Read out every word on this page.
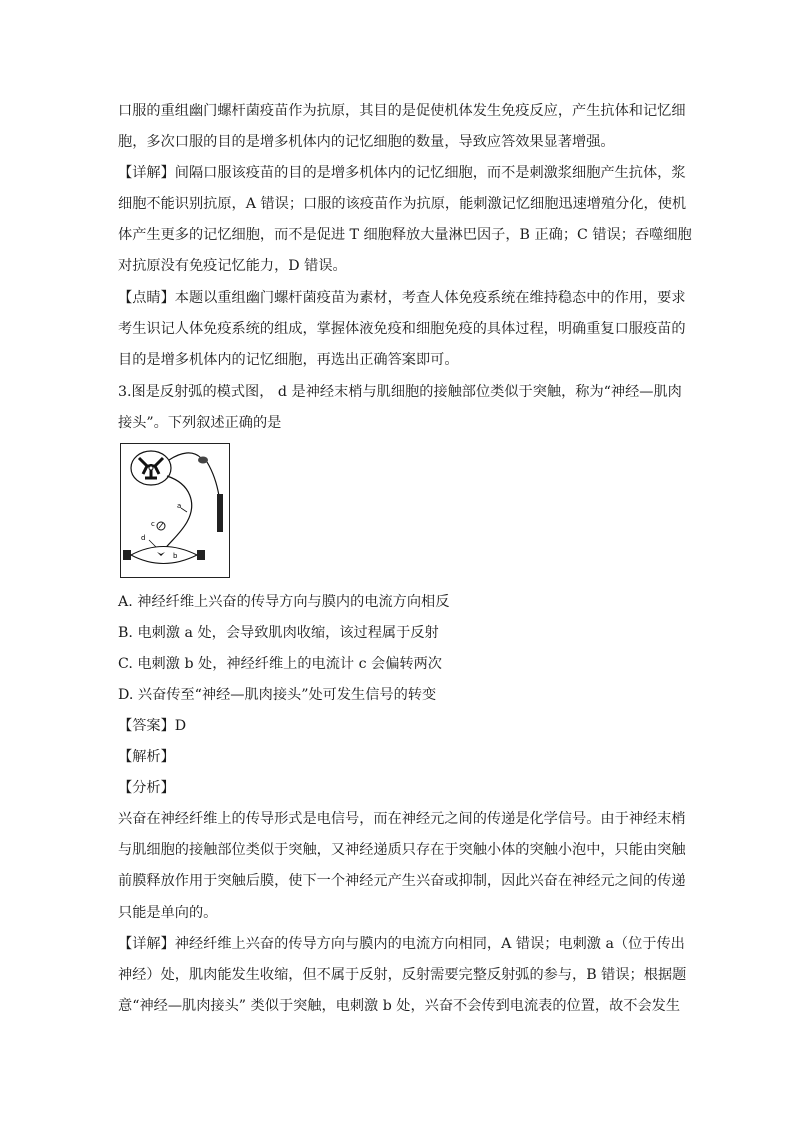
口服的重组幽门螺杆菌疫苗作为抗原，其目的是促使机体发生免疫反应，产生抗体和记忆细
胞，多次口服的目的是增多机体内的记忆细胞的数量，导致应答效果显著增强。
【详解】间隔口服该疫苗的目的是增多机体内的记忆细胞，而不是刺激浆细胞产生抗体，浆
细胞不能识别抗原，A 错误；口服的该疫苗作为抗原，能刺激记忆细胞迅速增殖分化，使机
体产生更多的记忆细胞，而不是促进 T 细胞释放大量淋巴因子，B 正确；C 错误；吞噬细胞
对抗原没有免疫记忆能力，D 错误。
【点睛】本题以重组幽门螺杆菌疫苗为素材，考查人体免疫系统在维持稳态中的作用，要求
考生识记人体免疫系统的组成，掌握体液免疫和细胞免疫的具体过程，明确重复口服疫苗的
目的是增多机体内的记忆细胞，再选出正确答案即可。
3.图是反射弧的模式图， d 是神经末梢与肌细胞的接触部位类似于突触，称为“神经—肌肉
接头”。下列叙述正确的是
a
c
d
b
A. 神经纤维上兴奋的传导方向与膜内的电流方向相反
B. 电刺激 a 处，会导致肌肉收缩，该过程属于反射
C. 电刺激 b 处，神经纤维上的电流计 c 会偏转两次
D. 兴奋传至“神经—肌肉接头”处可发生信号的转变
【答案】D
【解析】
【分析】
兴奋在神经纤维上的传导形式是电信号，而在神经元之间的传递是化学信号。由于神经末梢
与肌细胞的接触部位类似于突触，又神经递质只存在于突触小体的突触小泡中，只能由突触
前膜释放作用于突触后膜，使下一个神经元产生兴奋或抑制，因此兴奋在神经元之间的传递
只能是单向的。
【详解】神经纤维上兴奋的传导方向与膜内的电流方向相同，A 错误；电刺激 a（位于传出
神经）处，肌肉能发生收缩，但不属于反射，反射需要完整反射弧的参与，B 错误；根据题
意“神经—肌肉接头” 类似于突触，电刺激 b 处，兴奋不会传到电流表的位置，故不会发生
